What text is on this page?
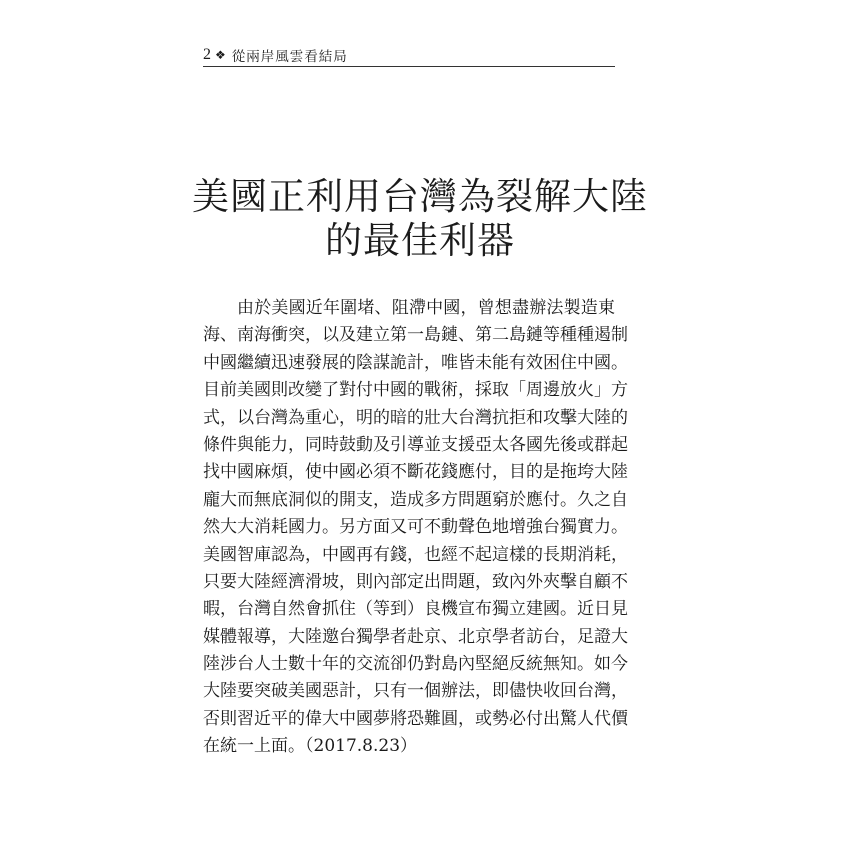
2 ❖ 從兩岸風雲看結局
美國正利用台灣為裂解大陸
的最佳利器
由於美國近年圍堵、阻滯中國，曾想盡辦法製造東
海、南海衝突，以及建立第一島鏈、第二島鏈等種種遏制
中國繼續迅速發展的陰謀詭計，唯皆未能有效困住中國。
目前美國則改變了對付中國的戰術，採取「周邊放火」方
式，以台灣為重心，明的暗的壯大台灣抗拒和攻擊大陸的
條件與能力，同時鼓動及引導並支援亞太各國先後或群起
找中國麻煩，使中國必須不斷花錢應付，目的是拖垮大陸
龐大而無底洞似的開支，造成多方問題窮於應付。久之自
然大大消耗國力。另方面又可不動聲色地增強台獨實力。
美國智庫認為，中國再有錢，也經不起這樣的長期消耗，
只要大陸經濟滑坡，則內部定出問題，致內外夾擊自顧不
暇，台灣自然會抓住（等到）良機宣布獨立建國。近日見
媒體報導，大陸邀台獨學者赴京、北京學者訪台，足證大
陸涉台人士數十年的交流卻仍對島內堅絕反統無知。如今
大陸要突破美國惡計，只有一個辦法，即儘快收回台灣，
否則習近平的偉大中國夢將恐難圓，或勢必付出驚人代價
在統一上面。（2017.8.23）
